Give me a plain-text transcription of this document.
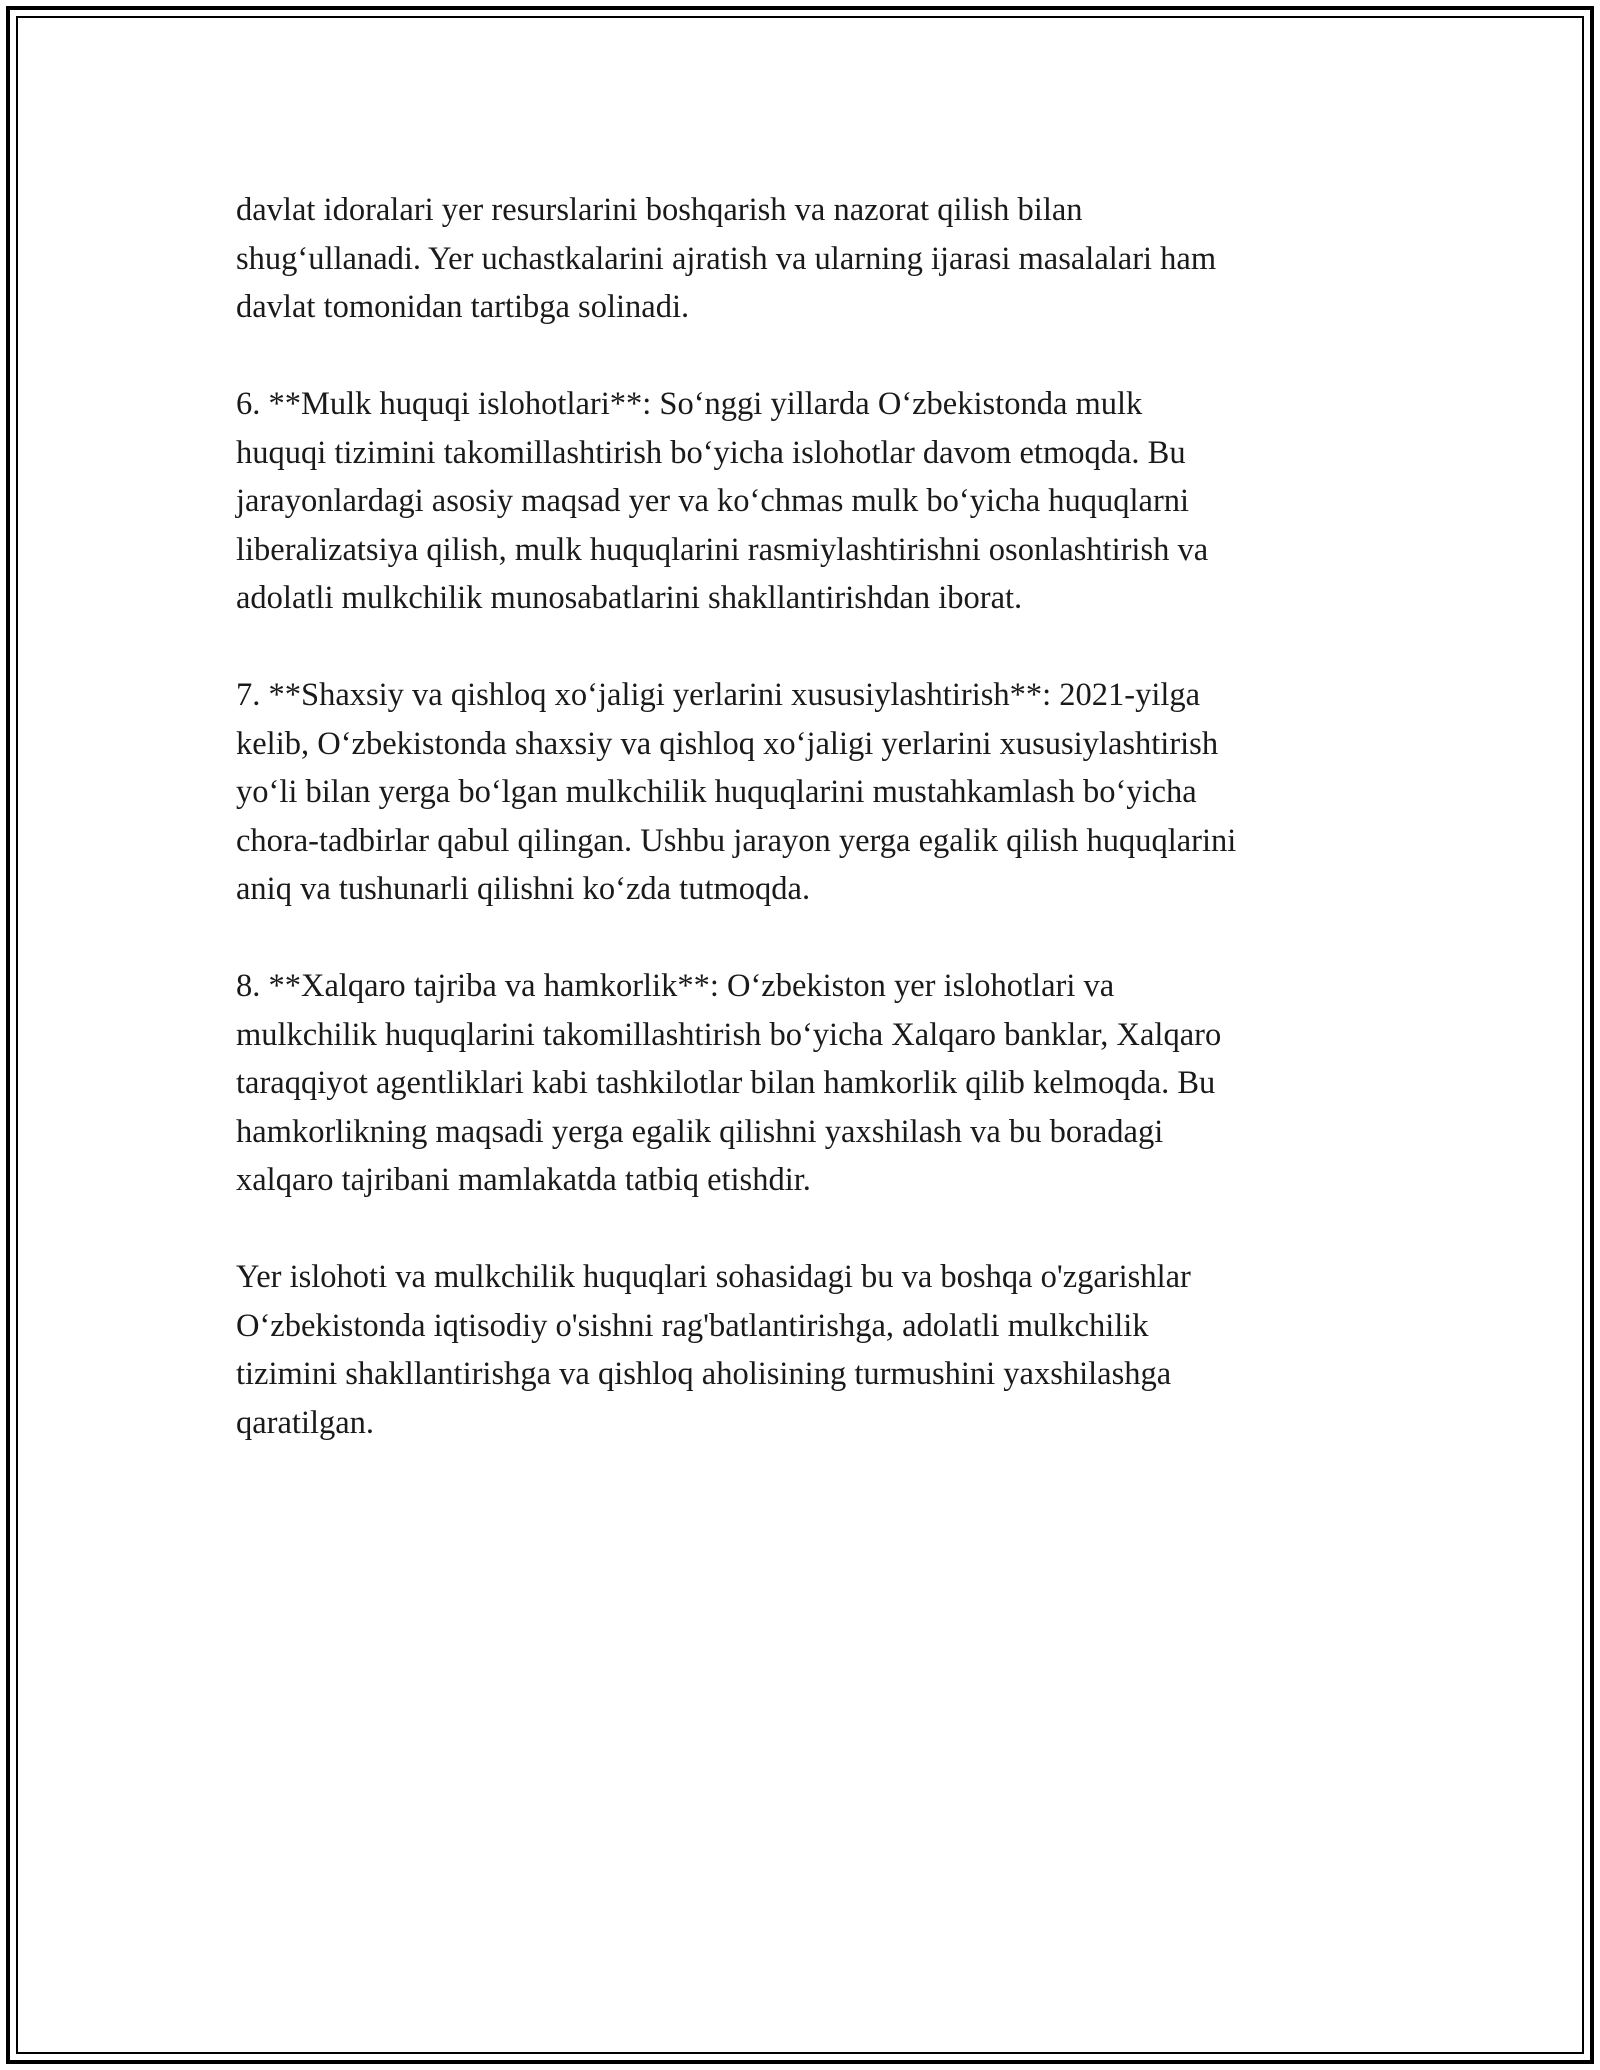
davlat idoralari yer resurslarini boshqarish va nazorat qilish bilan
shug‘ullanadi. Yer uchastkalarini ajratish va ularning ijarasi masalalari ham
davlat tomonidan tartibga solinadi.

6. **Mulk huquqi islohotlari**: So‘nggi yillarda O‘zbekistonda mulk
huquqi tizimini takomillashtirish bo‘yicha islohotlar davom etmoqda. Bu
jarayonlardagi asosiy maqsad yer va ko‘chmas mulk bo‘yicha huquqlarni
liberalizatsiya qilish, mulk huquqlarini rasmiylashtirishni osonlashtirish va
adolatli mulkchilik munosabatlarini shakllantirishdan iborat.

7. **Shaxsiy va qishloq xo‘jaligi yerlarini xususiylashtirish**: 2021-yilga
kelib, O‘zbekistonda shaxsiy va qishloq xo‘jaligi yerlarini xususiylashtirish
yo‘li bilan yerga bo‘lgan mulkchilik huquqlarini mustahkamlash bo‘yicha
chora-tadbirlar qabul qilingan. Ushbu jarayon yerga egalik qilish huquqlarini
aniq va tushunarli qilishni ko‘zda tutmoqda.

8. **Xalqaro tajriba va hamkorlik**: O‘zbekiston yer islohotlari va
mulkchilik huquqlarini takomillashtirish bo‘yicha Xalqaro banklar, Xalqaro
taraqqiyot agentliklari kabi tashkilotlar bilan hamkorlik qilib kelmoqda. Bu
hamkorlikning maqsadi yerga egalik qilishni yaxshilash va bu boradagi
xalqaro tajribani mamlakatda tatbiq etishdir.

Yer islohoti va mulkchilik huquqlari sohasidagi bu va boshqa o'zgarishlar
O‘zbekistonda iqtisodiy o'sishni rag'batlantirishga, adolatli mulkchilik
tizimini shakllantirishga va qishloq aholisining turmushini yaxshilashga
qaratilgan.
